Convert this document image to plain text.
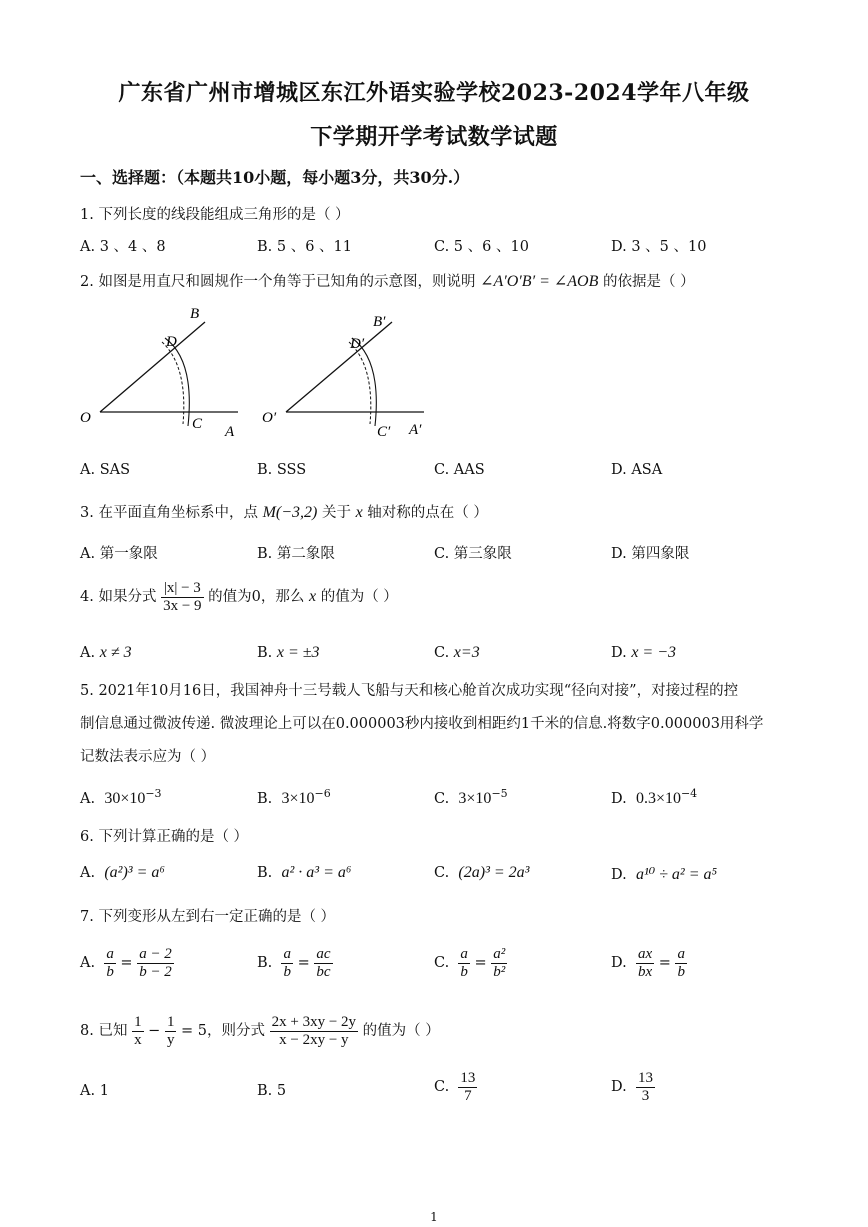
广东省广州市增城区东江外语实验学校2023-2024学年八年级
下学期开学考试数学试题
一、选择题：（本题共10小题，每小题3分，共30分.）
1. 下列长度的线段能组成三角形的是（ ）
A. 3 、4 、8	B. 5 、6 、11	C. 5 、6 、10	D. 3 、5 、10
2. 如图是用直尺和圆规作一个角等于已知角的示意图，则说明 ∠A′O′B′ = ∠AOB 的依据是（ ）
B
D
O	C A
B′
D′
O′
C′ A′
A. SAS	B. SSS	C. AAS	D. ASA
3. 在平面直角坐标系中，点 M(−3,2) 关于 x 轴对称的点在（ ）
A. 第一象限	B. 第二象限	C. 第三象限	D. 第四象限
4. 如果分式 $\frac{|x| - 3}{3x - 9}$ 的值为0，那么 x 的值为（ ）
A. x ≠ 3	B. x = ±3	C. x=3	D. x = −3
5. 2021年10月16日，我国神舟十三号载人飞船与天和核心舱首次成功实现“径向对接”，对接过程的控
制信息通过微波传递. 微波理论上可以在0.000003秒内接收到相距约1千米的信息.将数字0.000003用科学
记数法表示应为（ ）
A. $30\times 10^{-3}$	B. $3\times 10^{-6}$	C. $3\times 10^{-5}$	D. $0.3\times 10^{-4}$
6. 下列计算正确的是（ ）
A. (a²)³ = a⁶	B. a² · a³ = a⁶	C. (2a)³ = 2a³	D. a¹⁰ ÷ a² = a⁵
7. 下列变形从左到右一定正确的是（ ）
A. $\frac{a}{b} = \frac{a - 2}{b - 2}$	B. $\frac{a}{b} = \frac{ac}{bc}$	C. $\frac{a}{b} = \frac{\text{a²}}{\text{b²}}$	D. $\frac{ax}{bx} = \frac{a}{b}$
8. 已知 $\frac{1}{x} - \frac{1}{y} = 5$，则分式 $\frac{2x + 3xy - 2y}{x - 2xy - y}$ 的值为（ ）
A. 1	B. 5	C. $\frac{13}{7}$	D. $\frac{13}{3}$
1
